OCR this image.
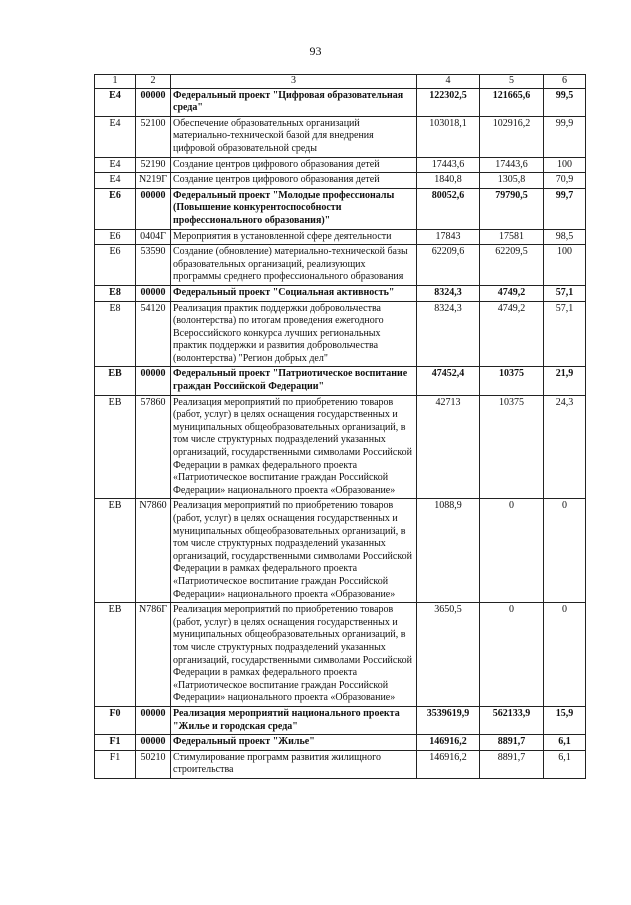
93
1	2	3	4	5	6
E4	00000	Федеральный проект "Цифровая образовательная среда"	122302,5	121665,6	99,5
E4	52100	Обеспечение образовательных организаций материально-технической базой для внедрения цифровой образовательной среды	103018,1	102916,2	99,9
E4	52190	Создание центров цифрового образования детей	17443,6	17443,6	100
E4	N219Г	Создание центров цифрового образования детей	1840,8	1305,8	70,9
E6	00000	Федеральный проект "Молодые профессионалы (Повышение конкурентоспособности профессионального образования)"	80052,6	79790,5	99,7
E6	0404Г	Мероприятия в установленной сфере деятельности	17843	17581	98,5
E6	53590	Создание (обновление) материально-технической базы образовательных организаций, реализующих программы среднего профессионального образования	62209,6	62209,5	100
E8	00000	Федеральный проект "Социальная активность"	8324,3	4749,2	57,1
E8	54120	Реализация практик поддержки добровольчества (волонтерства) по итогам проведения ежегодного Всероссийского конкурса лучших региональных практик поддержки и развития добровольчества (волонтерства) "Регион добрых дел"	8324,3	4749,2	57,1
EB	00000	Федеральный проект "Патриотическое воспитание граждан Российской Федерации"	47452,4	10375	21,9
EB	57860	Реализация мероприятий по приобретению товаров (работ, услуг) в целях оснащения государственных и муниципальных общеобразовательных организаций, в том числе структурных подразделений указанных организаций, государственными символами Российской Федерации в рамках федерального проекта «Патриотическое воспитание граждан Российской Федерации» национального проекта «Образование»	42713	10375	24,3
EB	N7860	Реализация мероприятий по приобретению товаров (работ, услуг) в целях оснащения государственных и муниципальных общеобразовательных организаций, в том числе структурных подразделений указанных организаций, государственными символами Российской Федерации в рамках федерального проекта «Патриотическое воспитание граждан Российской Федерации» национального проекта «Образование»	1088,9	0	0
EB	N786Г	Реализация мероприятий по приобретению товаров (работ, услуг) в целях оснащения государственных и муниципальных общеобразовательных организаций, в том числе структурных подразделений указанных организаций, государственными символами Российской Федерации в рамках федерального проекта «Патриотическое воспитание граждан Российской Федерации» национального проекта «Образование»	3650,5	0	0
F0	00000	Реализация мероприятий национального проекта "Жилье и городская среда"	3539619,9	562133,9	15,9
F1	00000	Федеральный проект "Жилье"	146916,2	8891,7	6,1
F1	50210	Стимулирование программ развития жилищного строительства	146916,2	8891,7	6,1
